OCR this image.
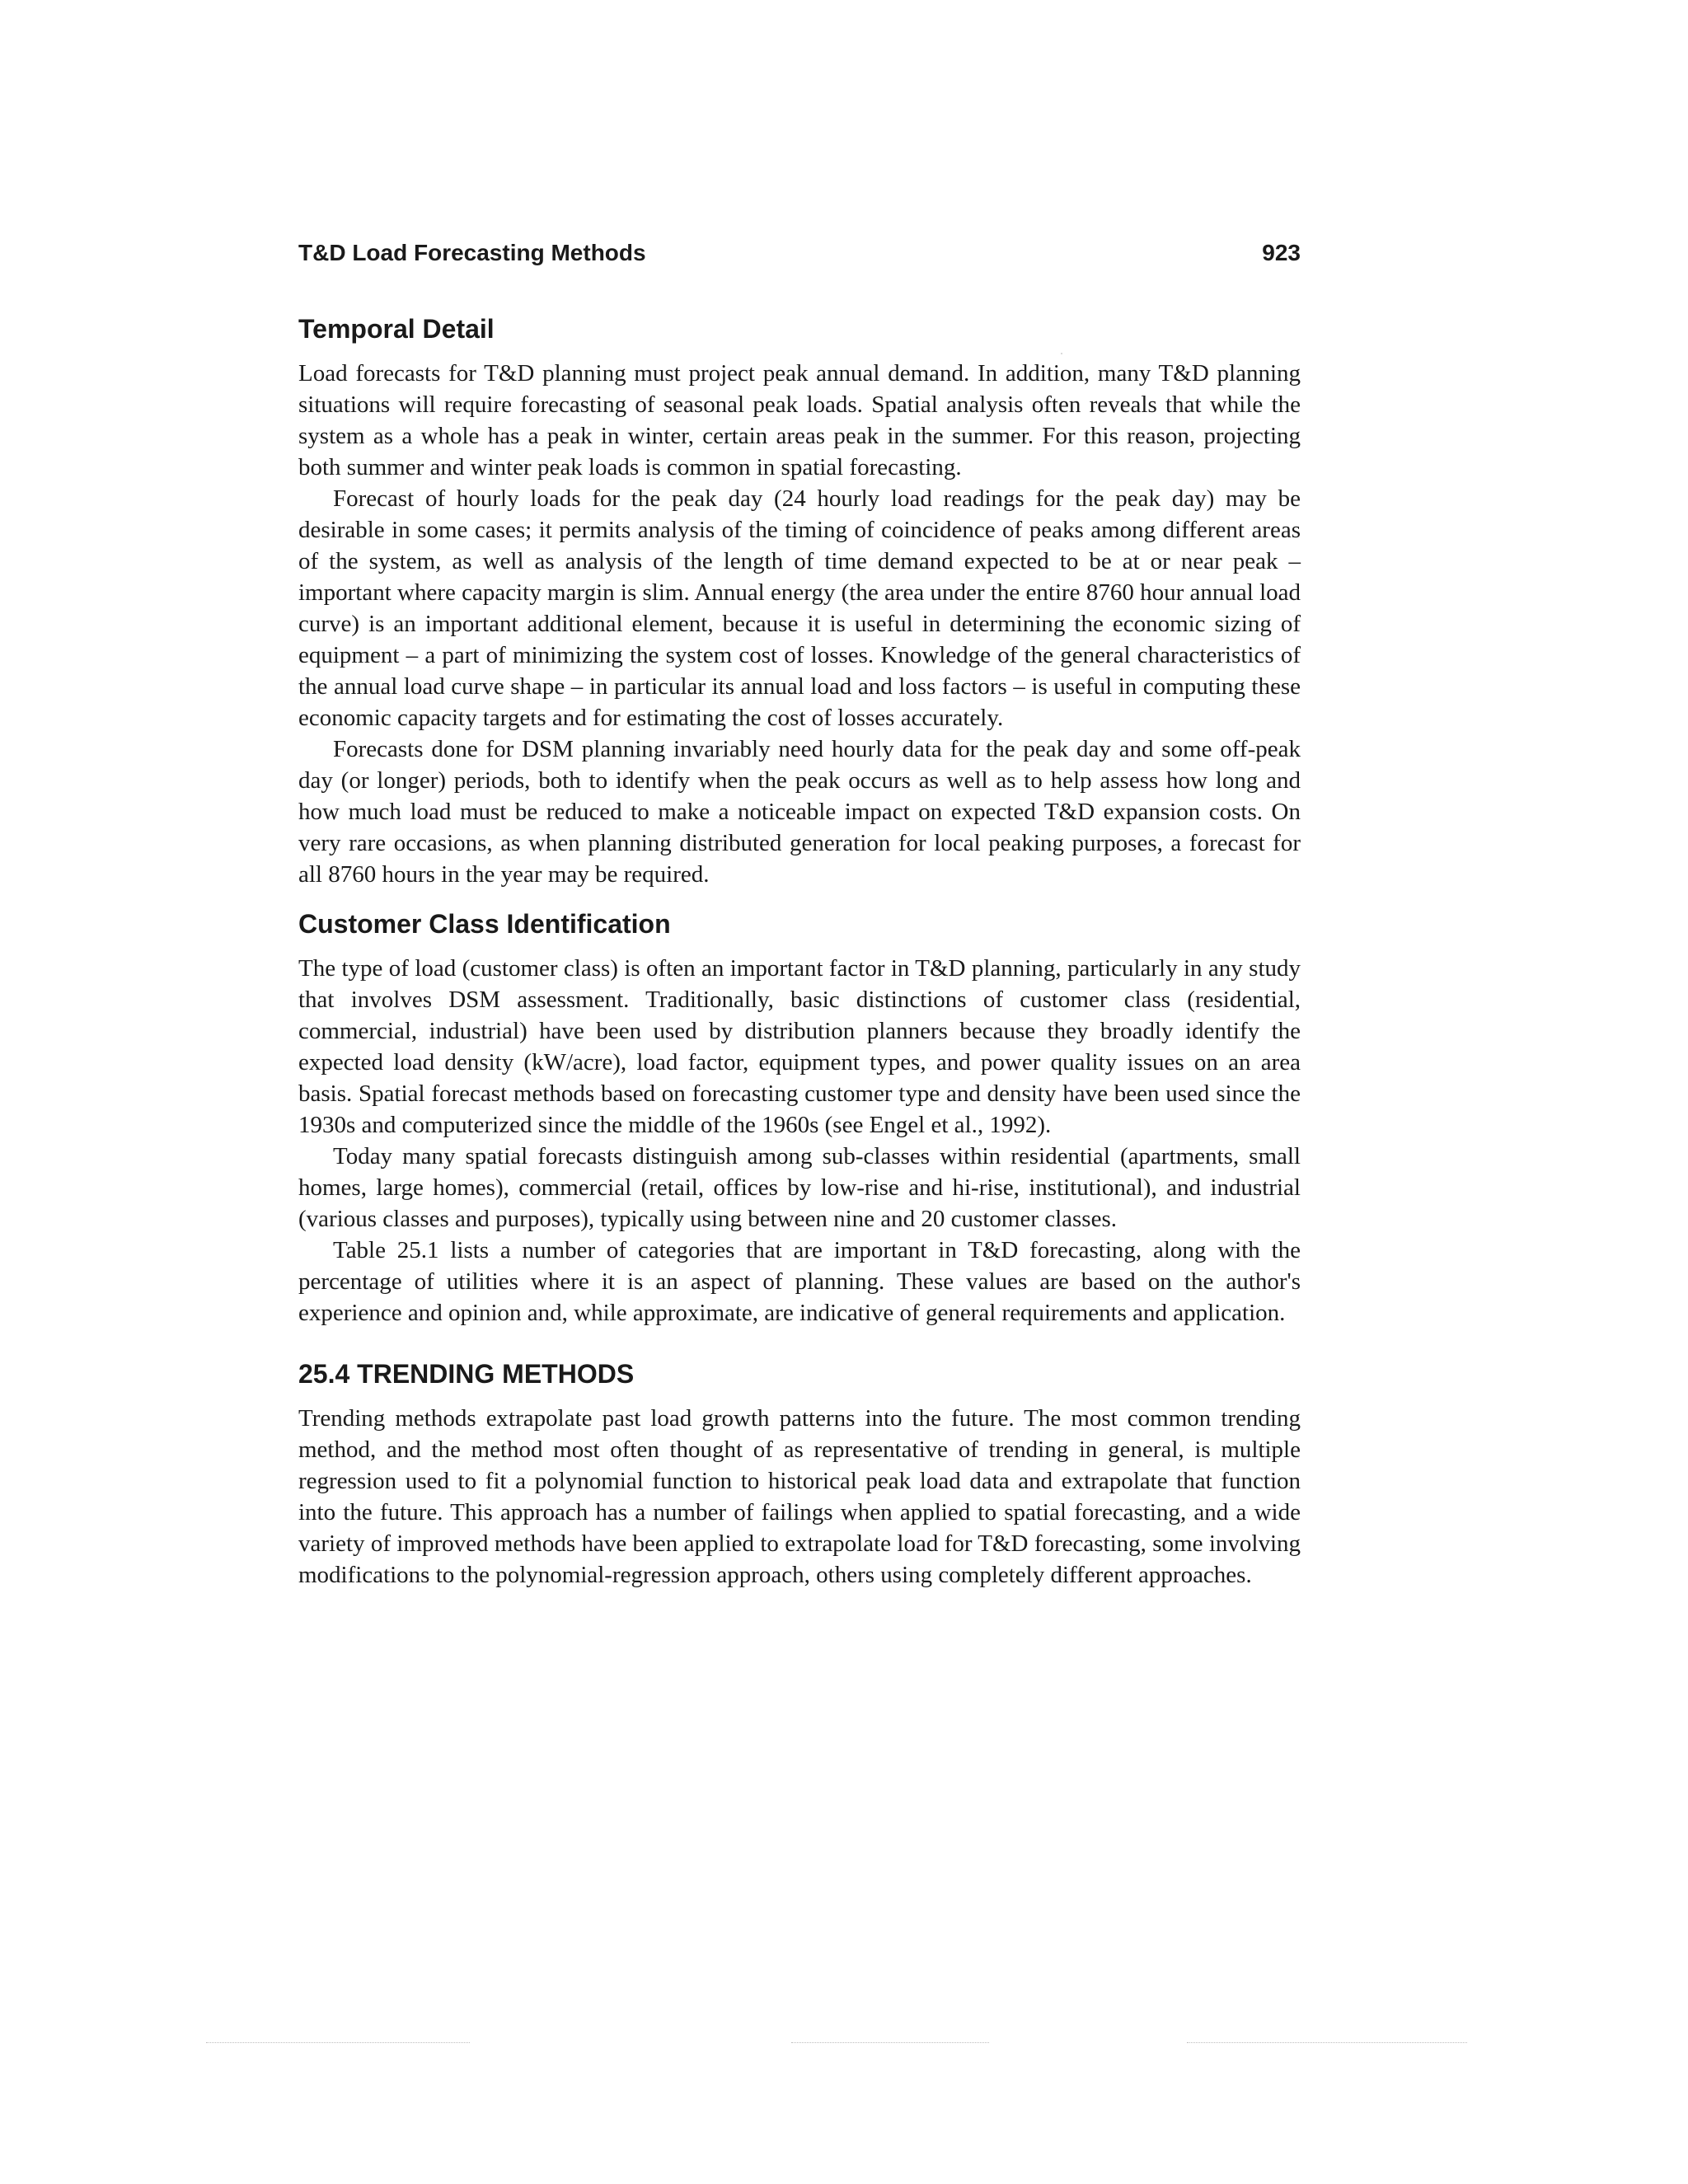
T&D Load Forecasting Methods	923
Temporal Detail

Load forecasts for T&D planning must project peak annual demand. In addition, many T&D planning situations will require forecasting of seasonal peak loads. Spatial analysis often reveals that while the system as a whole has a peak in winter, certain areas peak in the summer. For this reason, projecting both summer and winter peak loads is common in spatial forecasting.

Forecast of hourly loads for the peak day (24 hourly load readings for the peak day) may be desirable in some cases; it permits analysis of the timing of coincidence of peaks among different areas of the system, as well as analysis of the length of time demand expected to be at or near peak – important where capacity margin is slim. Annual energy (the area under the entire 8760 hour annual load curve) is an important additional element, because it is useful in determining the economic sizing of equipment – a part of minimizing the system cost of losses. Knowledge of the general characteristics of the annual load curve shape – in particular its annual load and loss factors – is useful in computing these economic capacity targets and for estimating the cost of losses accurately.

Forecasts done for DSM planning invariably need hourly data for the peak day and some off-peak day (or longer) periods, both to identify when the peak occurs as well as to help assess how long and how much load must be reduced to make a noticeable impact on expected T&D expansion costs. On very rare occasions, as when planning distributed generation for local peaking purposes, a forecast for all 8760 hours in the year may be required.

Customer Class Identification

The type of load (customer class) is often an important factor in T&D planning, particularly in any study that involves DSM assessment. Traditionally, basic distinctions of customer class (residential, commercial, industrial) have been used by distribution planners because they broadly identify the expected load density (kW/acre), load factor, equipment types, and power quality issues on an area basis. Spatial forecast methods based on forecasting customer type and density have been used since the 1930s and computerized since the middle of the 1960s (see Engel et al., 1992).

Today many spatial forecasts distinguish among sub-classes within residential (apartments, small homes, large homes), commercial (retail, offices by low-rise and hi-rise, institutional), and industrial (various classes and purposes), typically using between nine and 20 customer classes.

Table 25.1 lists a number of categories that are important in T&D forecasting, along with the percentage of utilities where it is an aspect of planning. These values are based on the author's experience and opinion and, while approximate, are indicative of general requirements and application.

25.4 TRENDING METHODS

Trending methods extrapolate past load growth patterns into the future. The most common trending method, and the method most often thought of as representative of trending in general, is multiple regression used to fit a polynomial function to historical peak load data and extrapolate that function into the future. This approach has a number of failings when applied to spatial forecasting, and a wide variety of improved methods have been applied to extrapolate load for T&D forecasting, some involving modifications to the polynomial-regression approach, others using completely different approaches.
